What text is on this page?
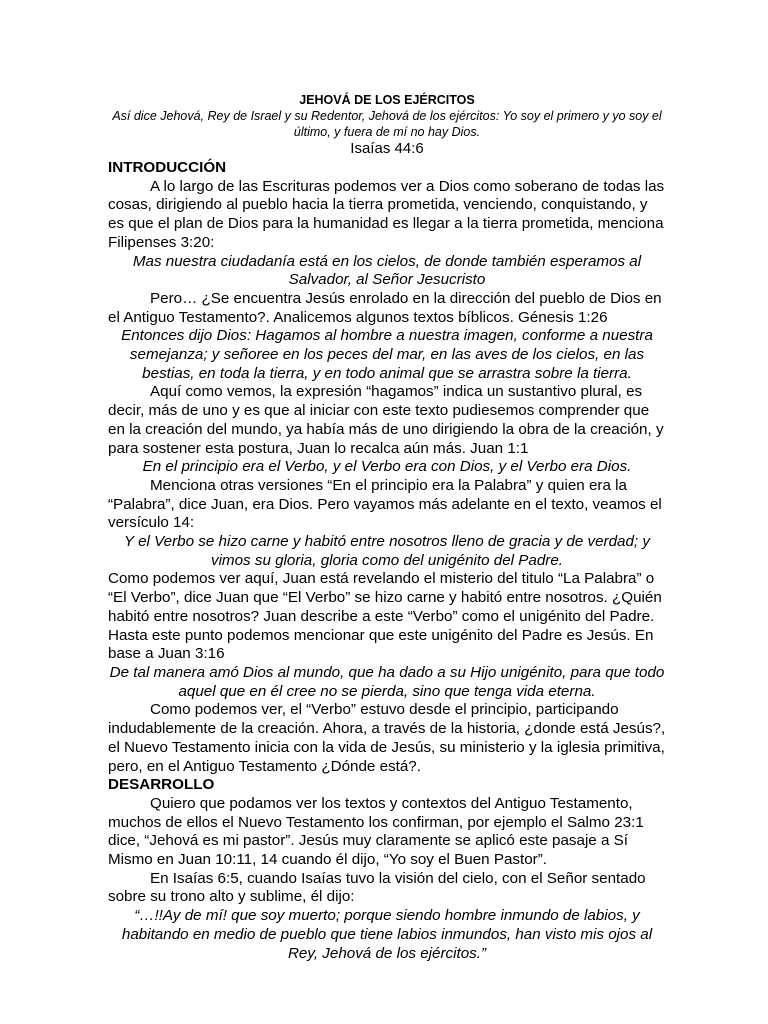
JEHOVÁ DE LOS EJÉRCITOS
Así dice Jehová, Rey de Israel y su Redentor, Jehová de los ejércitos: Yo soy el primero y yo soy el último, y fuera de mí no hay Dios.
Isaías 44:6
INTRODUCCIÓN
A lo largo de las Escrituras podemos ver a Dios como soberano de todas las cosas, dirigiendo al pueblo hacia la tierra prometida, venciendo, conquistando, y es que el plan de Dios para la humanidad es llegar a la tierra prometida, menciona Filipenses 3:20:
Mas nuestra ciudadanía está en los cielos, de donde también esperamos al Salvador, al Señor Jesucristo
Pero… ¿Se encuentra Jesús enrolado en la dirección del pueblo de Dios en el Antiguo Testamento?. Analicemos algunos textos bíblicos. Génesis 1:26
Entonces dijo Dios: Hagamos al hombre a nuestra imagen, conforme a nuestra semejanza; y señoree en los peces del mar, en las aves de los cielos, en las bestias, en toda la tierra, y en todo animal que se arrastra sobre la tierra.
Aquí como vemos, la expresión “hagamos” indica un sustantivo plural, es decir, más de uno y es que al iniciar con este texto pudiesemos comprender que en la creación del mundo, ya había más de uno dirigiendo la obra de la creación, y para sostener esta postura, Juan lo recalca aún más. Juan 1:1
En el principio era el Verbo, y el Verbo era con Dios, y el Verbo era Dios.
Menciona otras versiones “En el principio era la Palabra” y quien era la “Palabra”, dice Juan, era Dios. Pero vayamos más adelante en el texto, veamos el versículo 14:
Y el Verbo se hizo carne y habitó entre nosotros lleno de gracia y de verdad; y vimos su gloria, gloria como del unigénito del Padre.
Como podemos ver aquí, Juan está revelando el misterio del titulo “La Palabra” o “El Verbo”, dice Juan que “El Verbo” se hizo carne y habitó entre nosotros. ¿Quién habitó entre nosotros? Juan describe a este “Verbo” como el unigénito del Padre. Hasta este punto podemos mencionar que este unigénito del Padre es Jesús. En base a Juan 3:16
De tal manera amó Dios al mundo, que ha dado a su Hijo unigénito, para que todo aquel que en él cree no se pierda, sino que tenga vida eterna.
Como podemos ver, el “Verbo” estuvo desde el principio, participando indudablemente de la creación. Ahora, a través de la historia, ¿donde está Jesús?, el Nuevo Testamento inicia con la vida de Jesús, su ministerio y la iglesia primitiva, pero, en el Antiguo Testamento ¿Dónde está?.
DESARROLLO
Quiero que podamos ver los textos y contextos del Antiguo Testamento, muchos de ellos el Nuevo Testamento los confirman, por ejemplo el Salmo 23:1 dice, “Jehová es mi pastor”. Jesús muy claramente se aplicó este pasaje a Sí Mismo en Juan 10:11, 14 cuando él dijo, “Yo soy el Buen Pastor”.
En Isaías 6:5, cuando Isaías tuvo la visión del cielo, con el Señor sentado sobre su trono alto y sublime, él dijo:
“…!!Ay de mí! que soy muerto; porque siendo hombre inmundo de labios, y habitando en medio de pueblo que tiene labios inmundos, han visto mis ojos al Rey, Jehová de los ejércitos.”
